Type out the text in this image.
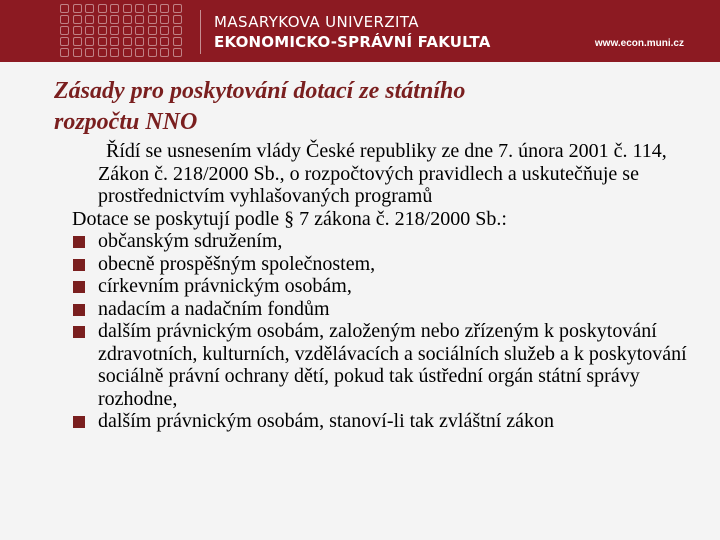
MASARYKOVA UNIVERZITA
EKONOMICKO-SPRÁVNÍ FAKULTA	www.econ.muni.cz
Zásady pro poskytování dotací ze státního
rozpočtu NNO

Řídí se usnesením vlády České republiky ze dne 7. února 2001 č. 114, Zákon č. 218/2000 Sb., o rozpočtových pravidlech a uskutečňuje se prostřednictvím vyhlašovaných programů

Dotace se poskytují podle § 7 zákona č. 218/2000 Sb.:

občanským sdružením,
obecně prospěšným společnostem,
církevním právnickým osobám,
nadacím a nadačním fondům
dalším právnickým osobám, založeným nebo zřízeným k poskytování zdravotních, kulturních, vzdělávacích a sociálních služeb a k poskytování sociálně právní ochrany dětí, pokud tak ústřední orgán státní správy rozhodne,
dalším právnickým osobám, stanoví-li tak zvláštní zákon
